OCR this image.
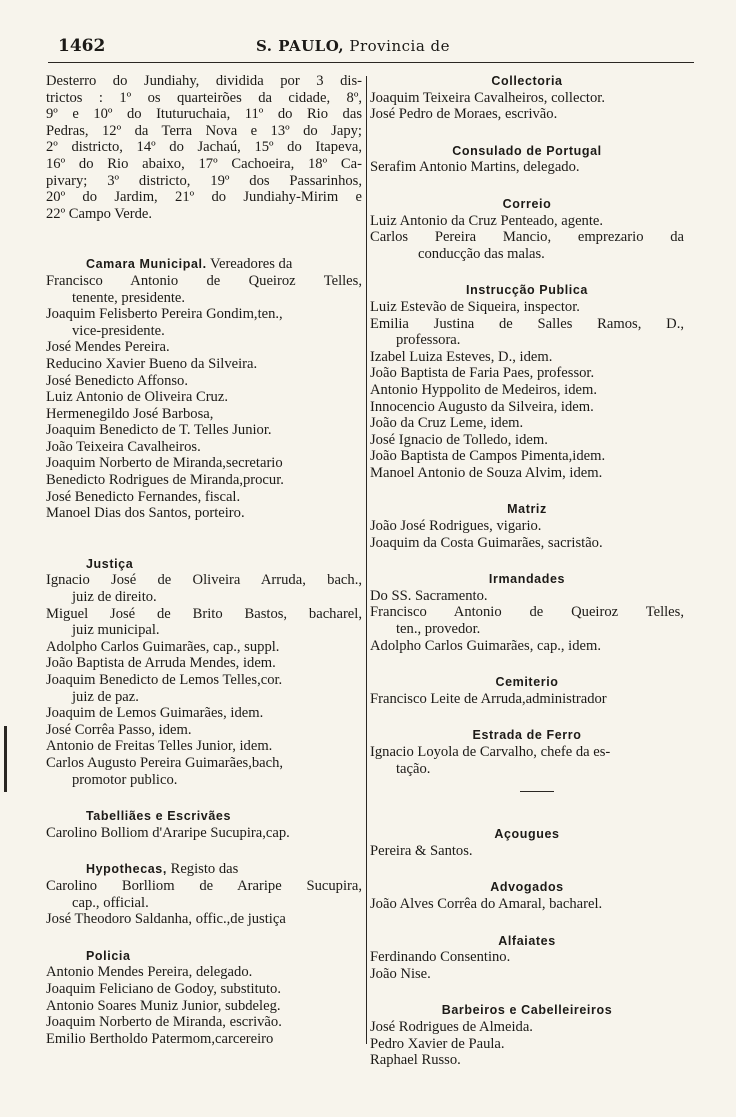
1462	S. PAULO, Provincia de
Desterro do Jundiahy, dividida por 3 dis-
trictos : 1º os quarteirões da cidade, 8º,
9º e 10º do Ituturuchaia, 11º do Rio das
Pedras, 12º da Terra Nova e 13º do Japy;
2º districto, 14º do Jachaú, 15º do Itapeva,
16º do Rio abaixo, 17º Cachoeira, 18º Ca-
pivary; 3º districto, 19º dos Passarinhos,
20º do Jardim, 21º do Jundiahy-Mirim e
22º Campo Verde.
Camara Municipal. Vereadores da
Francisco Antonio de Queiroz Telles,
tenente, presidente.
Joaquim Felisberto Pereira Gondim,ten.,
vice-presidente.
José Mendes Pereira.
Reducino Xavier Bueno da Silveira.
José Benedicto Affonso.
Luiz Antonio de Oliveira Cruz.
Hermenegildo José Barbosa,
Joaquim Benedicto de T. Telles Junior.
João Teixeira Cavalheiros.
Joaquim Norberto de Miranda,secretario
Benedicto Rodrigues de Miranda,procur.
José Benedicto Fernandes, fiscal.
Manoel Dias dos Santos, porteiro.
Justiça
Ignacio José de Oliveira Arruda, bach.,
juiz de direito.
Miguel José de Brito Bastos, bacharel,
juiz municipal.
Adolpho Carlos Guimarães, cap., suppl.
João Baptista de Arruda Mendes, idem.
Joaquim Benedicto de Lemos Telles,cor.
juiz de paz.
Joaquim de Lemos Guimarães, idem.
José Corrêa Passo, idem.
Antonio de Freitas Telles Junior, idem.
Carlos Augusto Pereira Guimarães,bach,
promotor publico.
Tabelliães e Escrivães
Carolino Bolliom d'Araripe Sucupira,cap.
Hypothecas, Registo das
Carolino Borlliom de Araripe Sucupira,
cap., official.
José Theodoro Saldanha, offic.,de justiça
Policia
Antonio Mendes Pereira, delegado.
Joaquim Feliciano de Godoy, substituto.
Antonio Soares Muniz Junior, subdeleg.
Joaquim Norberto de Miranda, escrivão.
Emilio Bertholdo Patermom,carcereiro
Collectoria
Joaquim Teixeira Cavalheiros, collector.
José Pedro de Moraes, escrivão.
Consulado de Portugal
Serafim Antonio Martins, delegado.
Correio
Luiz Antonio da Cruz Penteado, agente.
Carlos Pereira Mancio, emprezario da
conducção das malas.
Instrucção Publica
Luiz Estevão de Siqueira, inspector.
Emilia Justina de Salles Ramos, D.,
professora.
Izabel Luiza Esteves, D., idem.
João Baptista de Faria Paes, professor.
Antonio Hyppolito de Medeiros, idem.
Innocencio Augusto da Silveira, idem.
João da Cruz Leme, idem.
José Ignacio de Tolledo, idem.
João Baptista de Campos Pimenta,idem.
Manoel Antonio de Souza Alvim, idem.
Matriz
João José Rodrigues, vigario.
Joaquim da Costa Guimarães, sacristão.
Irmandades
Do SS. Sacramento.
Francisco Antonio de Queiroz Telles,
ten., provedor.
Adolpho Carlos Guimarães, cap., idem.
Cemiterio
Francisco Leite de Arruda,administrador
Estrada de Ferro
Ignacio Loyola de Carvalho, chefe da es-
tação.
Açougues
Pereira & Santos.
Advogados
João Alves Corrêa do Amaral, bacharel.
Alfaiates
Ferdinando Consentino.
João Nise.
Barbeiros e Cabelleireiros
José Rodrigues de Almeida.
Pedro Xavier de Paula.
Raphael Russo.
